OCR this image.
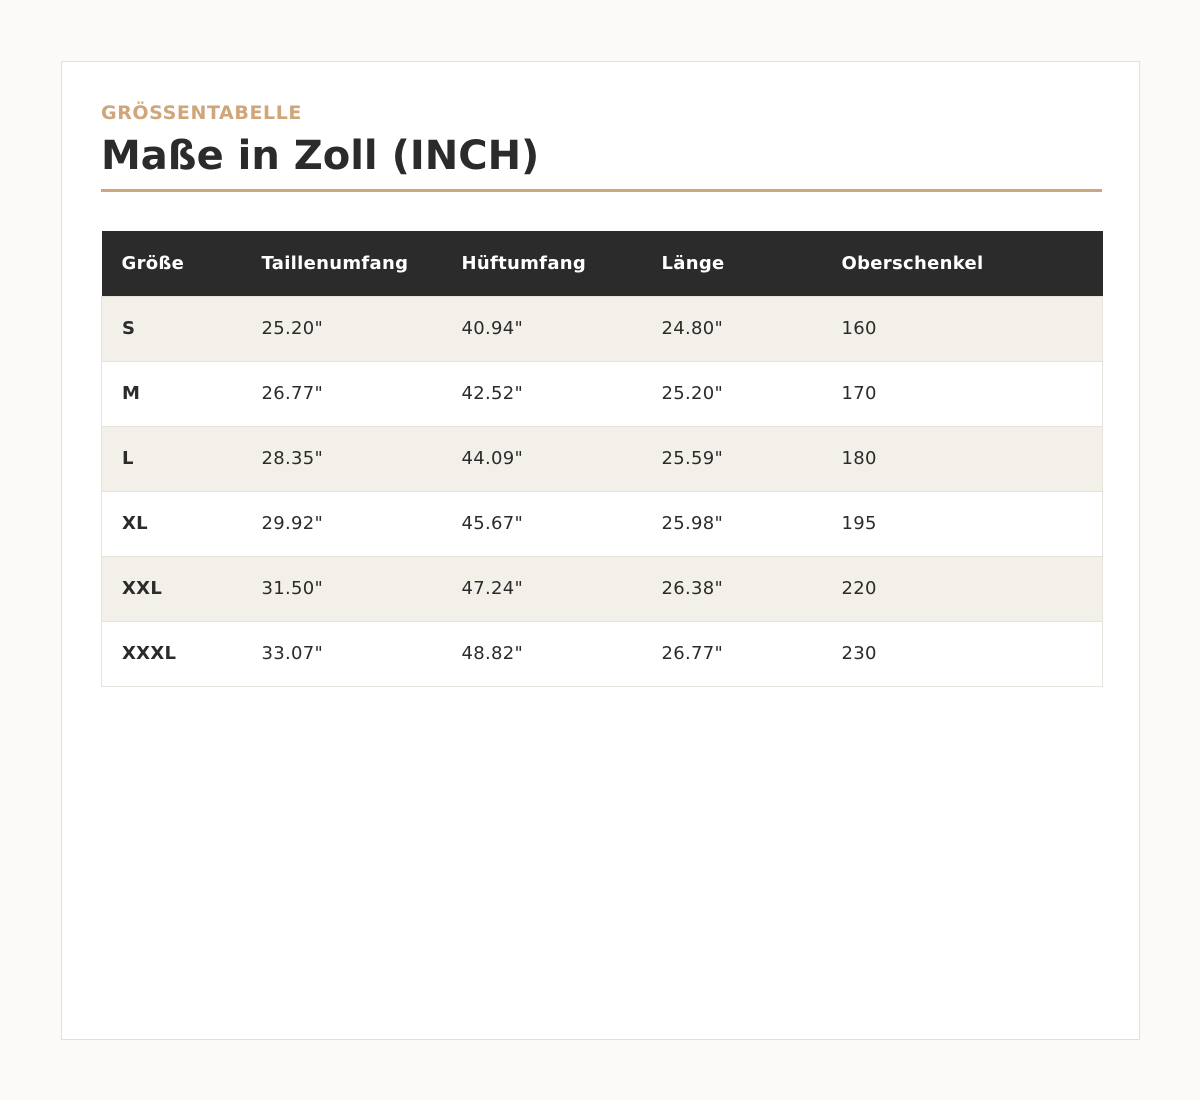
GRÖSSENTABELLE
Maße in Zoll (INCH)
Größe	Taillenumfang	Hüftumfang	Länge	Oberschenkel
S	25.20"	40.94"	24.80"	160
M	26.77"	42.52"	25.20"	170
L	28.35"	44.09"	25.59"	180
XL	29.92"	45.67"	25.98"	195
XXL	31.50"	47.24"	26.38"	220
XXXL	33.07"	48.82"	26.77"	230
